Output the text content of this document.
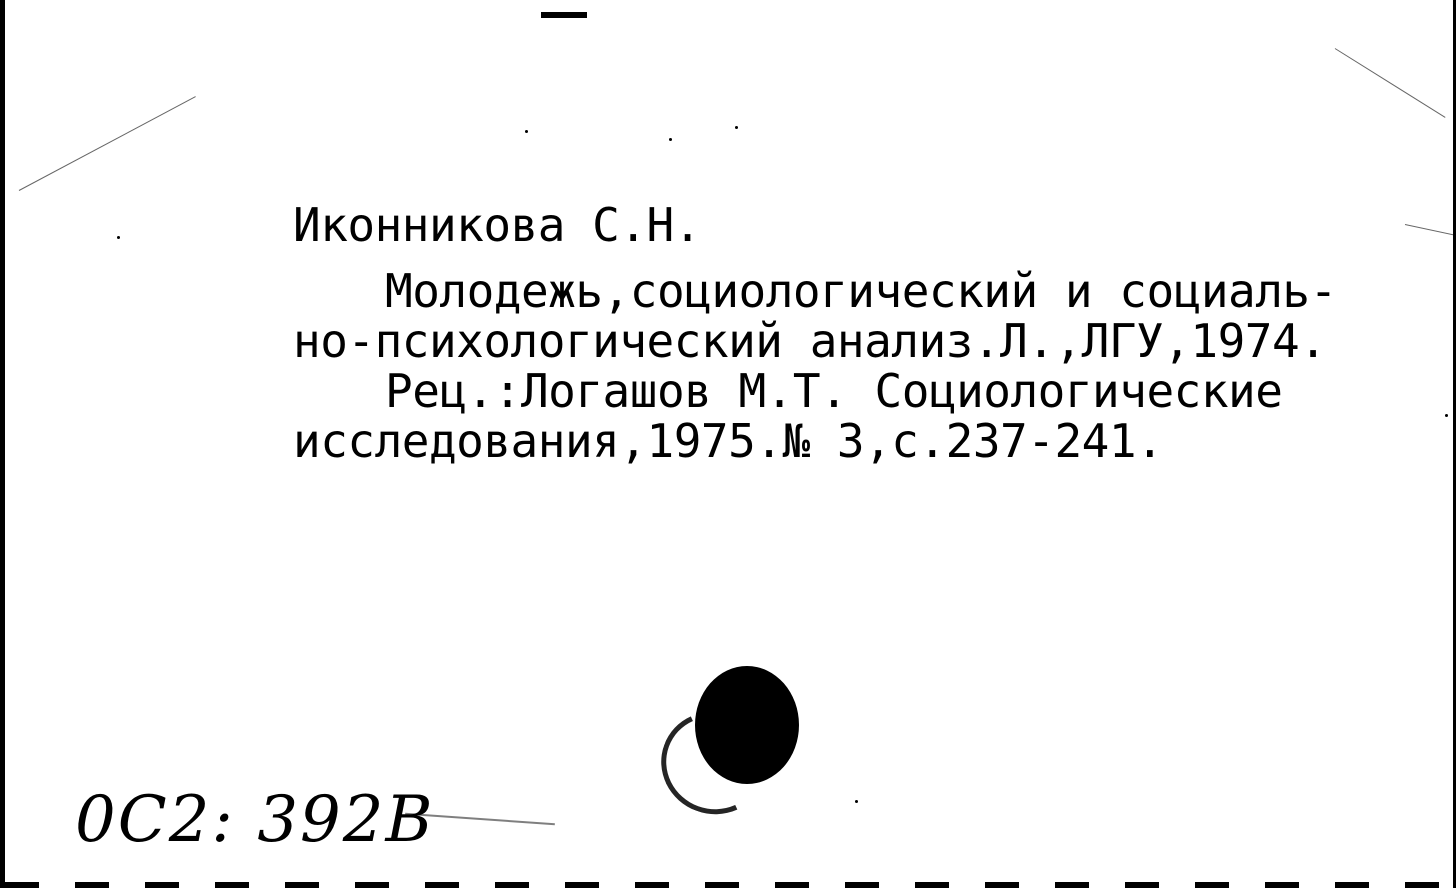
Иконникова С.Н.
Молодежь,социологический и социаль-
но-психологический анализ.Л.,ЛГУ,1974.
Рец.:Логашов М.Т. Социологические
исследования,1975.№ 3,с.237-241.
0C2: 392B
